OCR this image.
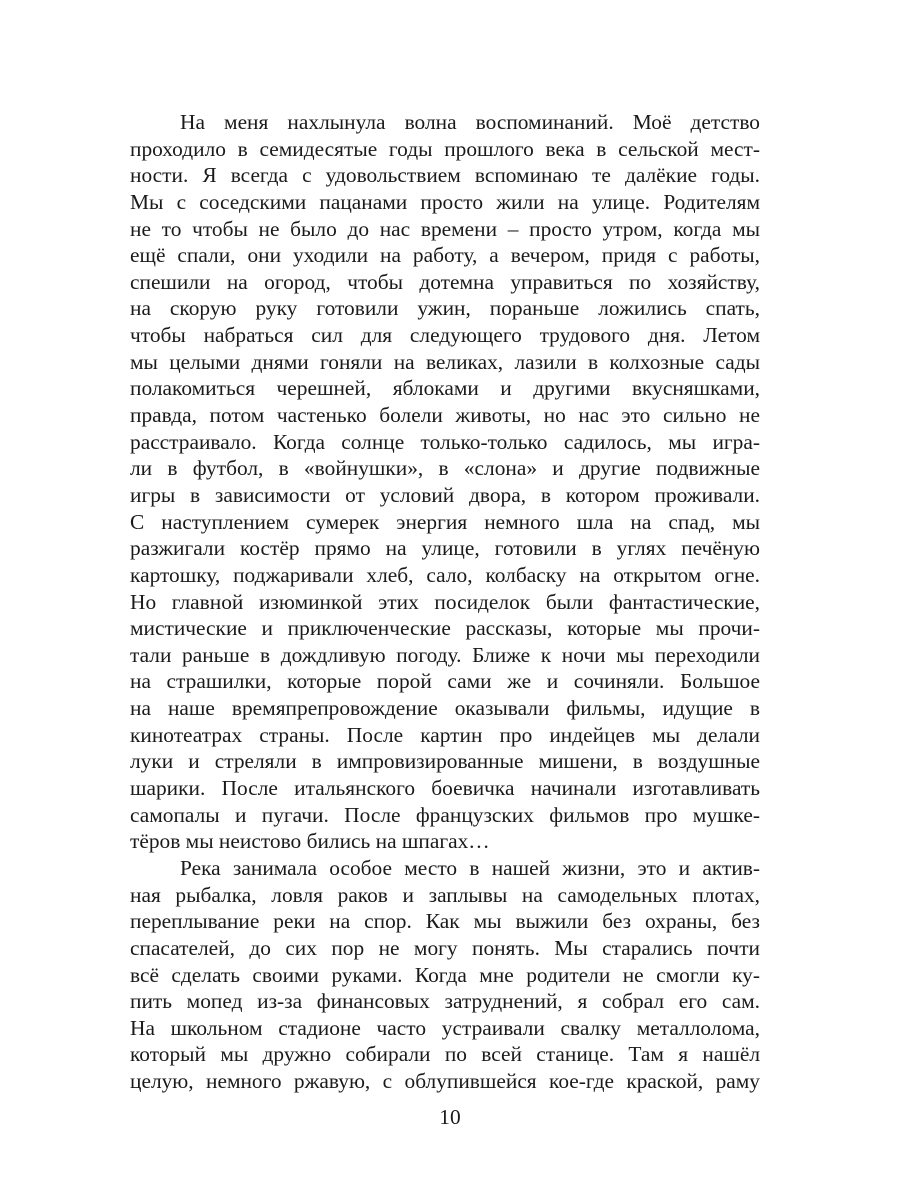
На меня нахлынула волна воспоминаний. Моё детство
проходило в семидесятые годы прошлого века в сельской мест-
ности. Я всегда с удовольствием вспоминаю те далёкие годы.
Мы с соседскими пацанами просто жили на улице. Родителям
не то чтобы не было до нас времени – просто утром, когда мы
ещё спали, они уходили на работу, а вечером, придя с работы,
спешили на огород, чтобы дотемна управиться по хозяйству,
на скорую руку готовили ужин, пораньше ложились спать,
чтобы набраться сил для следующего трудового дня. Летом
мы целыми днями гоняли на великах, лазили в колхозные сады
полакомиться черешней, яблоками и другими вкусняшками,
правда, потом частенько болели животы, но нас это сильно не
расстраивало. Когда солнце только-только садилось, мы игра-
ли в футбол, в «войнушки», в «слона» и другие подвижные
игры в зависимости от условий двора, в котором проживали.
С наступлением сумерек энергия немного шла на спад, мы
разжигали костёр прямо на улице, готовили в углях печёную
картошку, поджаривали хлеб, сало, колбаску на открытом огне.
Но главной изюминкой этих посиделок были фантастические,
мистические и приключенческие рассказы, которые мы прочи-
тали раньше в дождливую погоду. Ближе к ночи мы переходили
на страшилки, которые порой сами же и сочиняли. Большое
на наше времяпрепровождение оказывали фильмы, идущие в
кинотеатрах страны. После картин про индейцев мы делали
луки и стреляли в импровизированные мишени, в воздушные
шарики. После итальянского боевичка начинали изготавливать
самопалы и пугачи. После французских фильмов про мушке-
тёров мы неистово бились на шпагах…
Река занимала особое место в нашей жизни, это и актив-
ная рыбалка, ловля раков и заплывы на самодельных плотах,
переплывание реки на спор. Как мы выжили без охраны, без
спасателей, до сих пор не могу понять. Мы старались почти
всё сделать своими руками. Когда мне родители не смогли ку-
пить мопед из-за финансовых затруднений, я собрал его сам.
На школьном стадионе часто устраивали свалку металлолома,
который мы дружно собирали по всей станице. Там я нашёл
целую, немного ржавую, с облупившейся кое-где краской, раму
10
